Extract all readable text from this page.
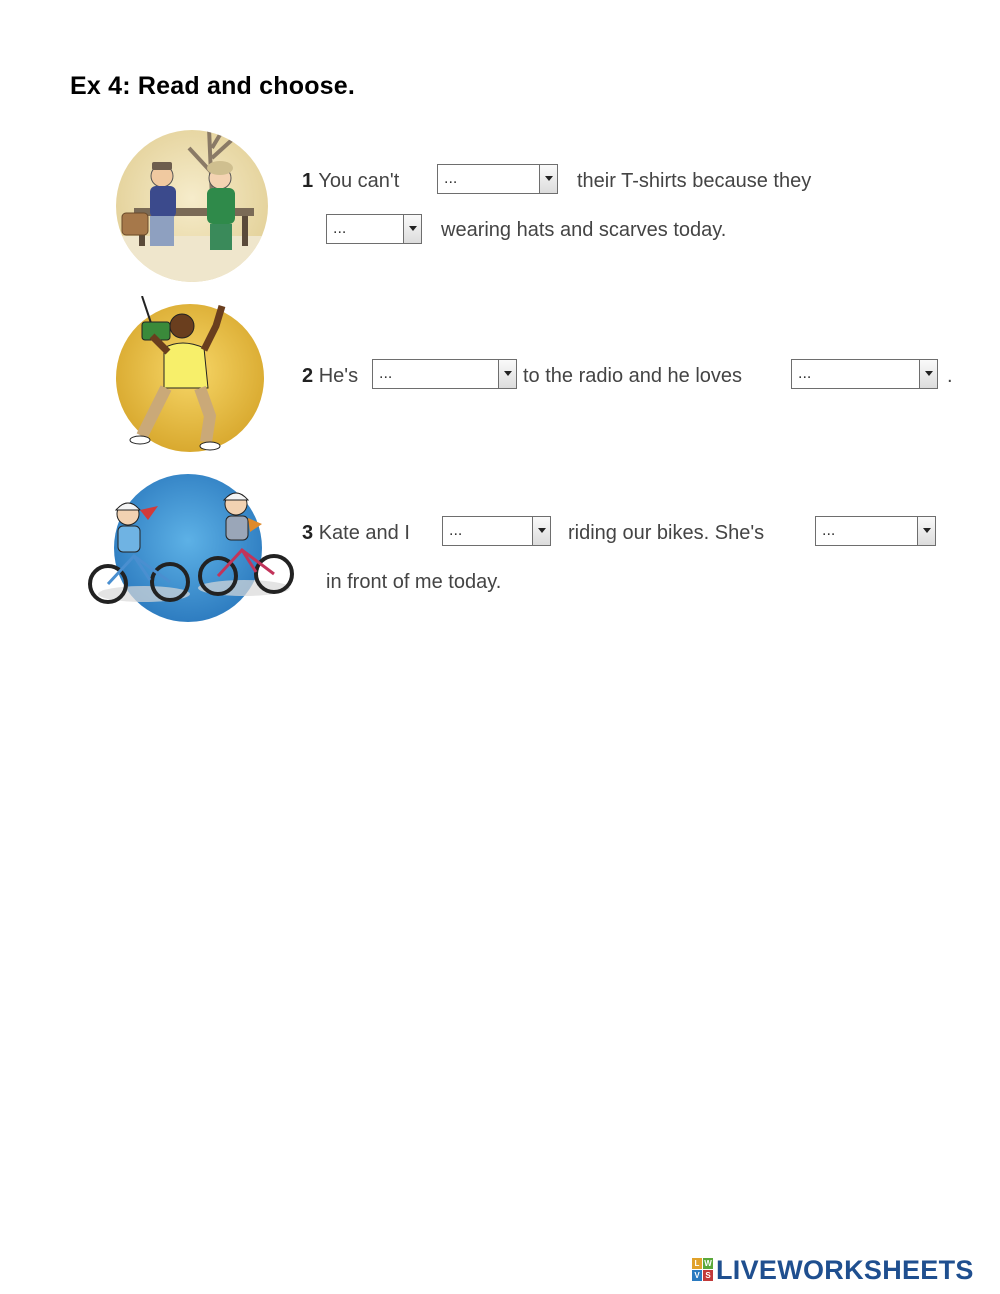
Ex 4: Read and choose.
1 You can't	...	their T-shirts because they
...	wearing hats and scarves today.
2 He's ...	to the radio and he loves	...	.
3 Kate and I ...	riding our bikes. She's	...
in front of me today.
L W
V S LIVEWORKSHEETS
